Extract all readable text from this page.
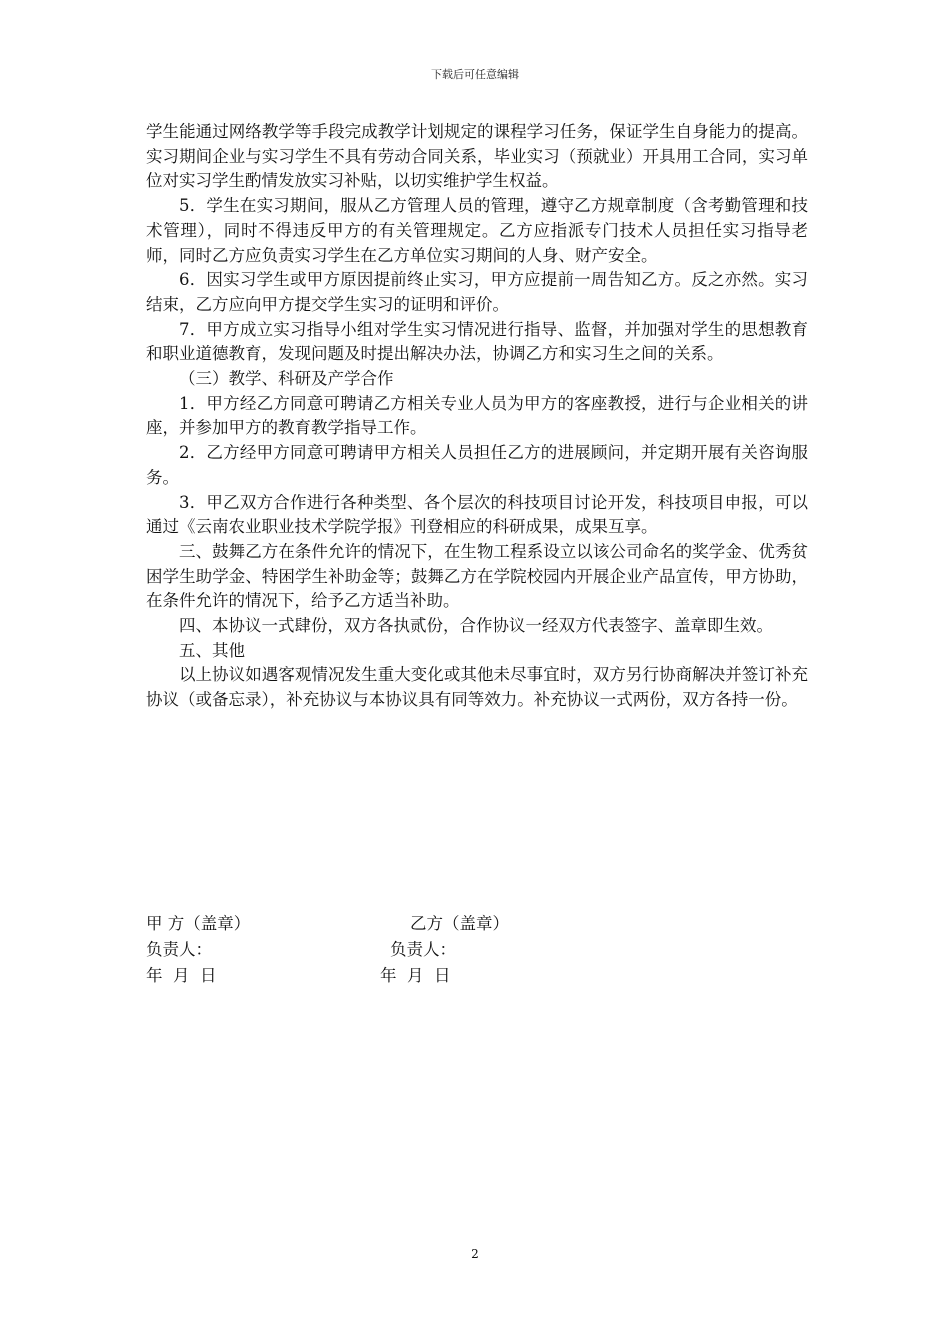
下载后可任意编辑

学生能通过网络教学等手段完成教学计划规定的课程学习任务，保证学生自身能力的提高。实习期间企业与实习学生不具有劳动合同关系，毕业实习（预就业）开具用工合同，实习单位对实习学生酌情发放实习补贴，以切实维护学生权益。

5．学生在实习期间，服从乙方管理人员的管理，遵守乙方规章制度（含考勤管理和技术管理），同时不得违反甲方的有关管理规定。乙方应指派专门技术人员担任实习指导老师，同时乙方应负责实习学生在乙方单位实习期间的人身、财产安全。

6．因实习学生或甲方原因提前终止实习，甲方应提前一周告知乙方。反之亦然。实习结束，乙方应向甲方提交学生实习的证明和评价。

7．甲方成立实习指导小组对学生实习情况进行指导、监督，并加强对学生的思想教育和职业道德教育，发现问题及时提出解决办法，协调乙方和实习生之间的关系。

（三）教学、科研及产学合作

1．甲方经乙方同意可聘请乙方相关专业人员为甲方的客座教授，进行与企业相关的讲座，并参加甲方的教育教学指导工作。

2．乙方经甲方同意可聘请甲方相关人员担任乙方的进展顾问，并定期开展有关咨询服务。

3．甲乙双方合作进行各种类型、各个层次的科技项目讨论开发，科技项目申报，可以通过《云南农业职业技术学院学报》刊登相应的科研成果，成果互享。

三、鼓舞乙方在条件允许的情况下，在生物工程系设立以该公司命名的奖学金、优秀贫困学生助学金、特困学生补助金等；鼓舞乙方在学院校园内开展企业产品宣传，甲方协助，在条件允许的情况下，给予乙方适当补助。

四、本协议一式肆份，双方各执贰份，合作协议一经双方代表签字、盖章即生效。

五、其他

以上协议如遇客观情况发生重大变化或其他未尽事宜时，双方另行协商解决并签订补充协议（或备忘录），补充协议与本协议具有同等效力。补充协议一式两份，双方各持一份。

甲 方（盖章）	乙方（盖章）
负责人：	负责人：
年  月  日	年  月  日
2
